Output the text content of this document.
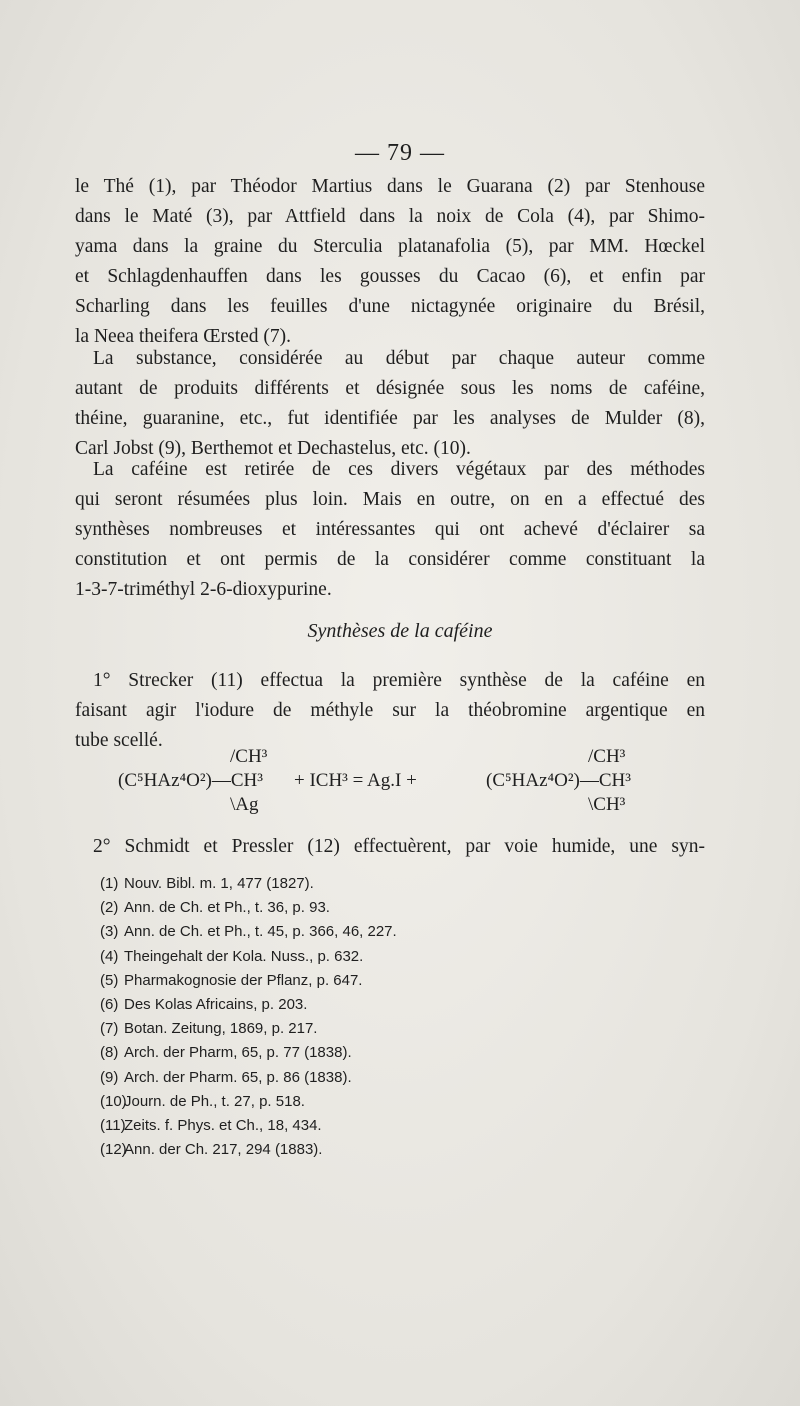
— 79 —
le Thé (1), par Théodor Martius dans le Guarana (2) par Stenhouse
dans le Maté (3), par Attfield dans la noix de Cola (4), par Shimo-
yama dans la graine du Sterculia platanafolia (5), par MM. Hœckel
et Schlagdenhauffen dans les gousses du Cacao (6), et enfin par
Scharling dans les feuilles d'une nictagynée originaire du Brésil,
la Neea theifera Œrsted (7).
La substance, considérée au début par chaque auteur comme
autant de produits différents et désignée sous les noms de caféine,
théine, guaranine, etc., fut identifiée par les analyses de Mulder (8),
Carl Jobst (9), Berthemot et Dechastelus, etc. (10).
La caféine est retirée de ces divers végétaux par des méthodes
qui seront résumées plus loin. Mais en outre, on en a effectué des
synthèses nombreuses et intéressantes qui ont achevé d'éclairer sa
constitution et ont permis de la considérer comme constituant la
1-3-7-triméthyl 2-6-dioxypurine.
Synthèses de la caféine
1° Strecker (11) effectua la première synthèse de la caféine en
faisant agir l'iodure de méthyle sur la théobromine argentique en
tube scellé.
/CH³
(C⁵HAz⁴O²)—CH³
\Ag
+ ICH³ = Ag.I +
/CH³
(C⁵HAz⁴O²)—CH³
\CH³
2° Schmidt et Pressler (12) effectuèrent, par voie humide, une syn-
(1) Nouv. Bibl. m. 1, 477 (1827).
(2) Ann. de Ch. et Ph., t. 36, p. 93.
(3) Ann. de Ch. et Ph., t. 45, p. 366, 46, 227.
(4) Theingehalt der Kola. Nuss., p. 632.
(5) Pharmakognosie der Pflanz, p. 647.
(6) Des Kolas Africains, p. 203.
(7) Botan. Zeitung, 1869, p. 217.
(8) Arch. der Pharm, 65, p. 77 (1838).
(9) Arch. der Pharm. 65, p. 86 (1838).
(10)
Journ. de Ph., t. 27, p. 518.
(11)
Zeits. f. Phys. et Ch., 18, 434.
(12)
Ann. der Ch. 217, 294 (1883).
